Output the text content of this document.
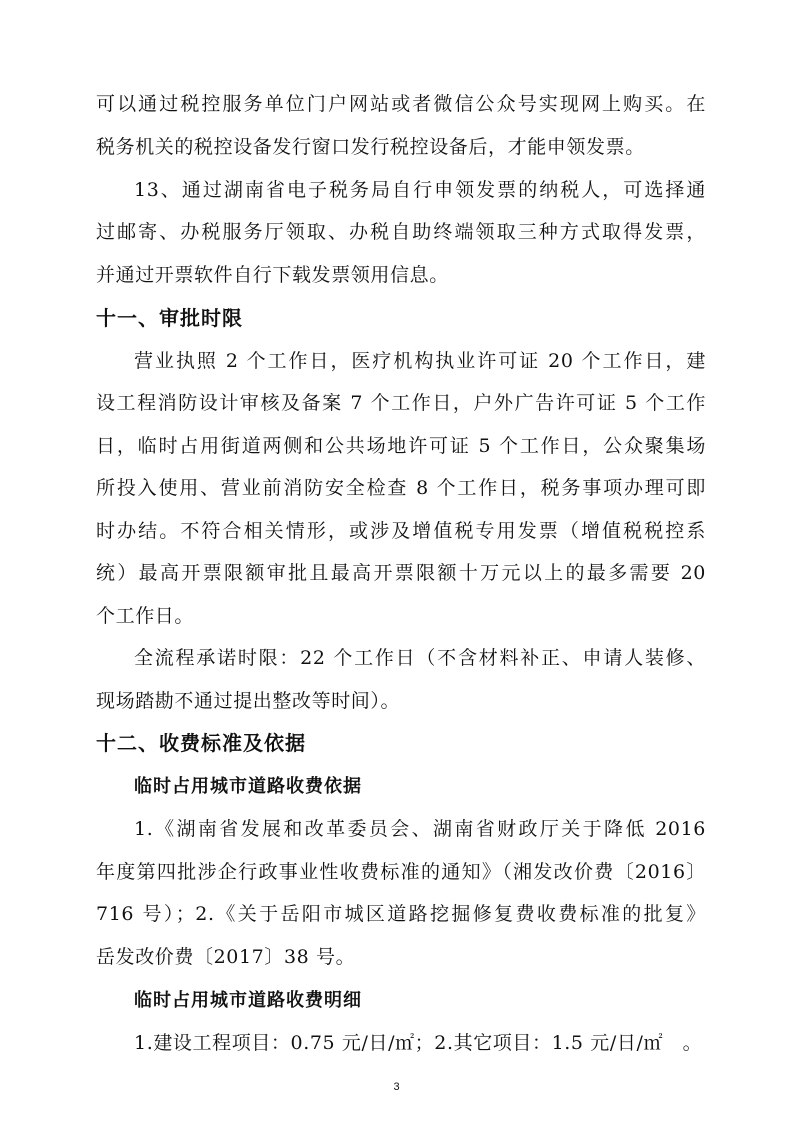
可以通过税控服务单位门户网站或者微信公众号实现网上购买。在
税务机关的税控设备发行窗口发行税控设备后，才能申领发票。
13、通过湖南省电子税务局自行申领发票的纳税人，可选择通
过邮寄、办税服务厅领取、办税自助终端领取三种方式取得发票，
并通过开票软件自行下载发票领用信息。
十一、审批时限
营业执照 2 个工作日，医疗机构执业许可证 20 个工作日，建
设工程消防设计审核及备案 7 个工作日，户外广告许可证 5 个工作
日，临时占用街道两侧和公共场地许可证 5 个工作日，公众聚集场
所投入使用、营业前消防安全检查 8 个工作日，税务事项办理可即
时办结。不符合相关情形，或涉及增值税专用发票（增值税税控系
统）最高开票限额审批且最高开票限额十万元以上的最多需要 20
个工作日。
全流程承诺时限：22 个工作日（不含材料补正、申请人装修、
现场踏勘不通过提出整改等时间）。
十二、收费标准及依据
临时占用城市道路收费依据
1.《湖南省发展和改革委员会、湖南省财政厅关于降低 2016
年度第四批涉企行政事业性收费标准的通知》（湘发改价费〔2016〕
716 号）；2.《关于岳阳市城区道路挖掘修复费收费标准的批复》
岳发改价费〔2017〕38 号。
临时占用城市道路收费明细
1.建设工程项目：0.75 元/日/㎡；2.其它项目：1.5 元/日/㎡　。
3
